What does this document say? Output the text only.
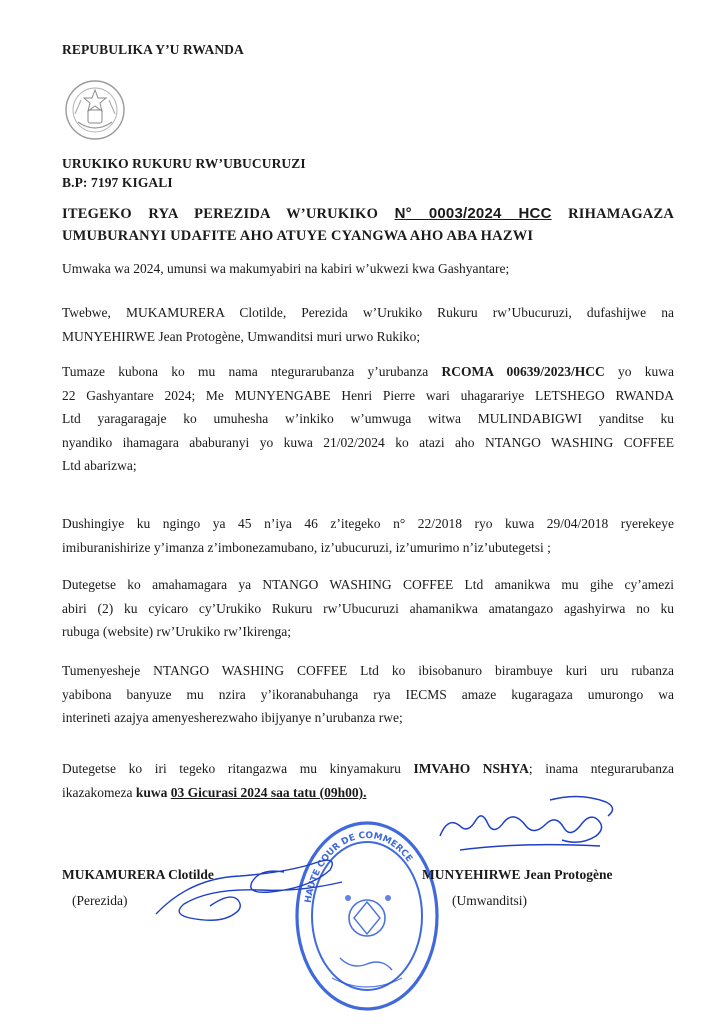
REPUBULIKA Y’U RWANDA
URUKIKO RUKURU RW’UBUCURUZI
B.P: 7197 KIGALI
ITEGEKO RYA PEREZIDA W’URUKIKO N° 0003/2024 HCC RIHAMAGAZA
UMUBURANYI UDAFITE AHO ATUYE CYANGWA AHO ABA HAZWI
Umwaka wa 2024, umunsi wa makumyabiri na kabiri w’ukwezi kwa Gashyantare;
Twebwe, MUKAMURERA Clotilde, Perezida w’Urukiko Rukuru rw’Ubucuruzi, dufashijwe na
MUNYEHIRWE Jean Protogène, Umwanditsi muri urwo Rukiko;
Tumaze kubona ko mu nama ntegurarubanza y’urubanza RCOMA 00639/2023/HCC yo kuwa
22 Gashyantare 2024; Me MUNYENGABE Henri Pierre wari uhagarariye LETSHEGO RWANDA
Ltd yaragaragaje ko umuhesha w’inkiko w’umwuga witwa MULINDABIGWI yanditse ku
nyandiko ihamagara ababuranyi yo kuwa 21/02/2024 ko atazi aho NTANGO WASHING COFFEE
Ltd abarizwa;
Dushingiye ku ngingo ya 45 n’iya 46 z’itegeko n° 22/2018 ryo kuwa 29/04/2018 ryerekeye
imiburanishirize y’imanza z’imbonezamubano, iz’ubucuruzi, iz’umurimo n’iz’ubutegetsi ;
Dutegetse ko amahamagara ya NTANGO WASHING COFFEE Ltd amanikwa mu gihe cy’amezi
abiri (2) ku cyicaro cy’Urukiko Rukuru rw’Ubucuruzi ahamanikwa amatangazo agashyirwa no ku
rubuga (website) rw’Urukiko rw’Ikirenga;
Tumenyesheje NTANGO WASHING COFFEE Ltd ko ibisobanuro birambuye kuri uru rubanza
yabibona banyuze mu nzira y’ikoranabuhanga rya IECMS amaze kugaragaza umurongo wa
interineti azajya amenyesherezwaho ibijyanye n’urubanza rwe;
Dutegetse ko iri tegeko ritangazwa mu kinyamakuru IMVAHO NSHYA; inama ntegurarubanza
ikazakomeza kuwa 03 Gicurasi 2024 saa tatu (09h00).
HAUTE COUR DE COMMERCE
MUKAMURERA Clotilde
(Perezida)
MUNYEHIRWE Jean Protogène
(Umwanditsi)
